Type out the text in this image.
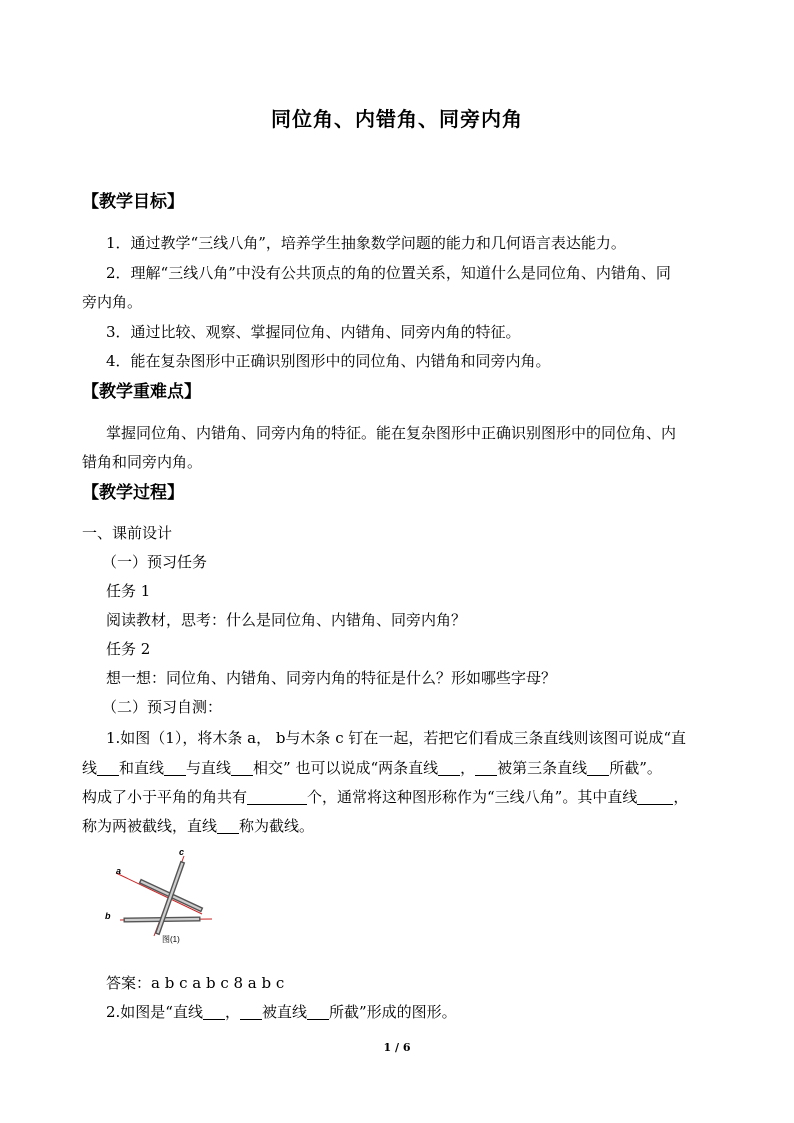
同位角、内错角、同旁内角
【教学目标】
1．通过教学“三线八角”，培养学生抽象数学问题的能力和几何语言表达能力。
2．理解“三线八角”中没有公共顶点的角的位置关系，知道什么是同位角、内错角、同
旁内角。
3．通过比较、观察、掌握同位角、内错角、同旁内角的特征。
4．能在复杂图形中正确识别图形中的同位角、内错角和同旁内角。
【教学重难点】
掌握同位角、内错角、同旁内角的特征。能在复杂图形中正确识别图形中的同位角、内
错角和同旁内角。
【教学过程】
一、课前设计
（一）预习任务
任务 1
阅读教材，思考：什么是同位角、内错角、同旁内角？
任务 2
想一想：同位角、内错角、同旁内角的特征是什么？形如哪些字母？
（二）预习自测：
1.如图（1），将木条 a， b与木条 c 钉在一起，若把它们看成三条直线则该图可说成“直
线 和直线 与直线 相交” 也可以说成“两条直线 ， 被第三条直线 所截”。
构成了小于平角的角共有	个，通常将这种图形称作为“三线八角”。其中直线 ，
称为两被截线，直线 称为截线。
a
b
c
图(1)
答案：a b c a b c 8 a b c
2.如图是“直线 ， 被直线 所截”形成的图形。
1 / 6
